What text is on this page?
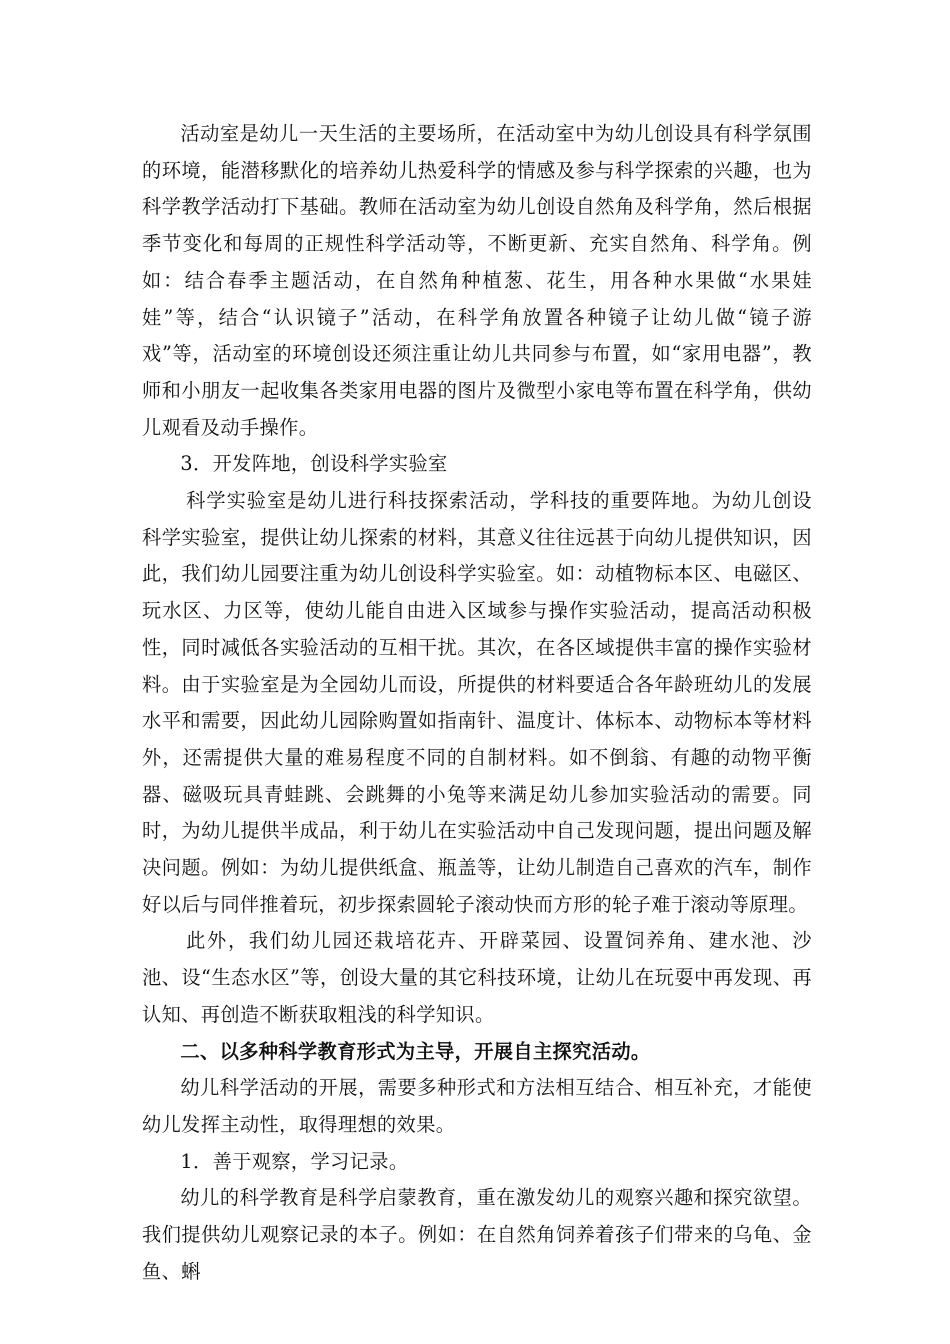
活动室是幼儿一天生活的主要场所，在活动室中为幼儿创设具有科学氛围的环境，能潜移默化的培养幼儿热爱科学的情感及参与科学探索的兴趣，也为科学教学活动打下基础。教师在活动室为幼儿创设自然角及科学角，然后根据季节变化和每周的正规性科学活动等，不断更新、充实自然角、科学角。例如：结合春季主题活动，在自然角种植葱、花生，用各种水果做“水果娃娃”等，结合“认识镜子”活动，在科学角放置各种镜子让幼儿做“镜子游戏”等，活动室的环境创设还须注重让幼儿共同参与布置，如“家用电器”，教师和小朋友一起收集各类家用电器的图片及微型小家电等布置在科学角，供幼儿观看及动手操作。

3．开发阵地，创设科学实验室

科学实验室是幼儿进行科技探索活动，学科技的重要阵地。为幼儿创设科学实验室，提供让幼儿探索的材料，其意义往往远甚于向幼儿提供知识，因此，我们幼儿园要注重为幼儿创设科学实验室。如：动植物标本区、电磁区、玩水区、力区等，使幼儿能自由进入区域参与操作实验活动，提高活动积极性，同时减低各实验活动的互相干扰。其次，在各区域提供丰富的操作实验材料。由于实验室是为全园幼儿而设，所提供的材料要适合各年龄班幼儿的发展水平和需要，因此幼儿园除购置如指南针、温度计、体标本、动物标本等材料外，还需提供大量的难易程度不同的自制材料。如不倒翁、有趣的动物平衡器、磁吸玩具青蛙跳、会跳舞的小兔等来满足幼儿参加实验活动的需要。同时，为幼儿提供半成品，利于幼儿在实验活动中自己发现问题，提出问题及解决问题。例如：为幼儿提供纸盒、瓶盖等，让幼儿制造自己喜欢的汽车，制作好以后与同伴推着玩，初步探索圆轮子滚动快而方形的轮子难于滚动等原理。

此外，我们幼儿园还栽培花卉、开辟菜园、设置饲养角、建水池、沙池、设“生态水区”等，创设大量的其它科技环境，让幼儿在玩耍中再发现、再认知、再创造不断获取粗浅的科学知识。

二、以多种科学教育形式为主导，开展自主探究活动。

幼儿科学活动的开展，需要多种形式和方法相互结合、相互补充，才能使幼儿发挥主动性，取得理想的效果。

1．善于观察，学习记录。

幼儿的科学教育是科学启蒙教育，重在激发幼儿的观察兴趣和探究欲望。我们提供幼儿观察记录的本子。例如：在自然角饲养着孩子们带来的乌龟、金鱼、蝌
